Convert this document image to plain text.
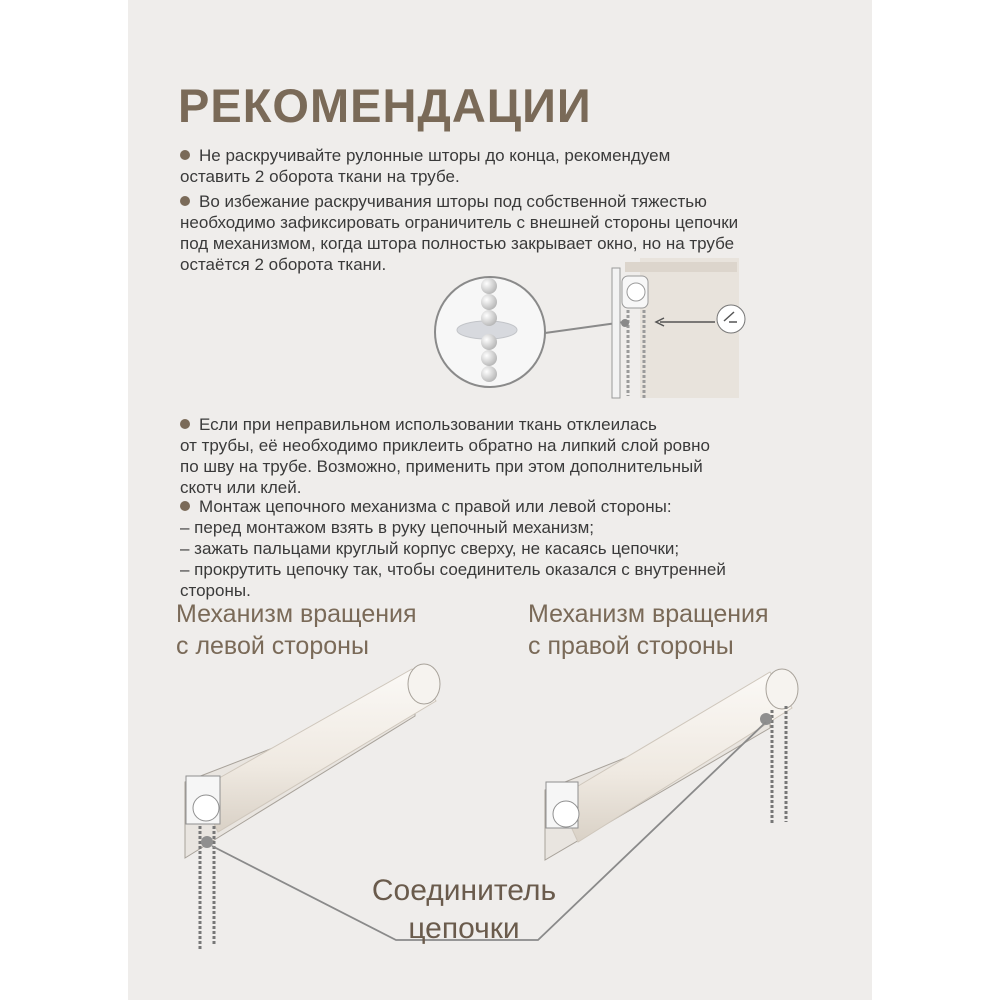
РЕКОМЕНДАЦИИ

Не раскручивайте рулонные шторы до конца, рекомендуем
оставить 2 оборота ткани на трубе.

Во избежание раскручивания шторы под собственной тяжестью
необходимо зафиксировать ограничитель с внешней стороны цепочки
под механизмом, когда штора полностью закрывает окно, но на трубе
остаётся 2 оборота ткани.

Если при неправильном использовании ткань отклеилась
от трубы, её необходимо приклеить обратно на липкий слой ровно
по шву на трубе. Возможно, применить при этом дополнительный
скотч или клей.

Монтаж цепочного механизма с правой или левой стороны:
– перед монтажом взять в руку цепочный механизм;
– зажать пальцами круглый корпус сверху, не касаясь цепочки;
– прокрутить цепочку так, чтобы соединитель оказался с внутренней
стороны.

Механизм вращения
с левой стороны

Механизм вращения
с правой стороны

Соединитель
цепочки
